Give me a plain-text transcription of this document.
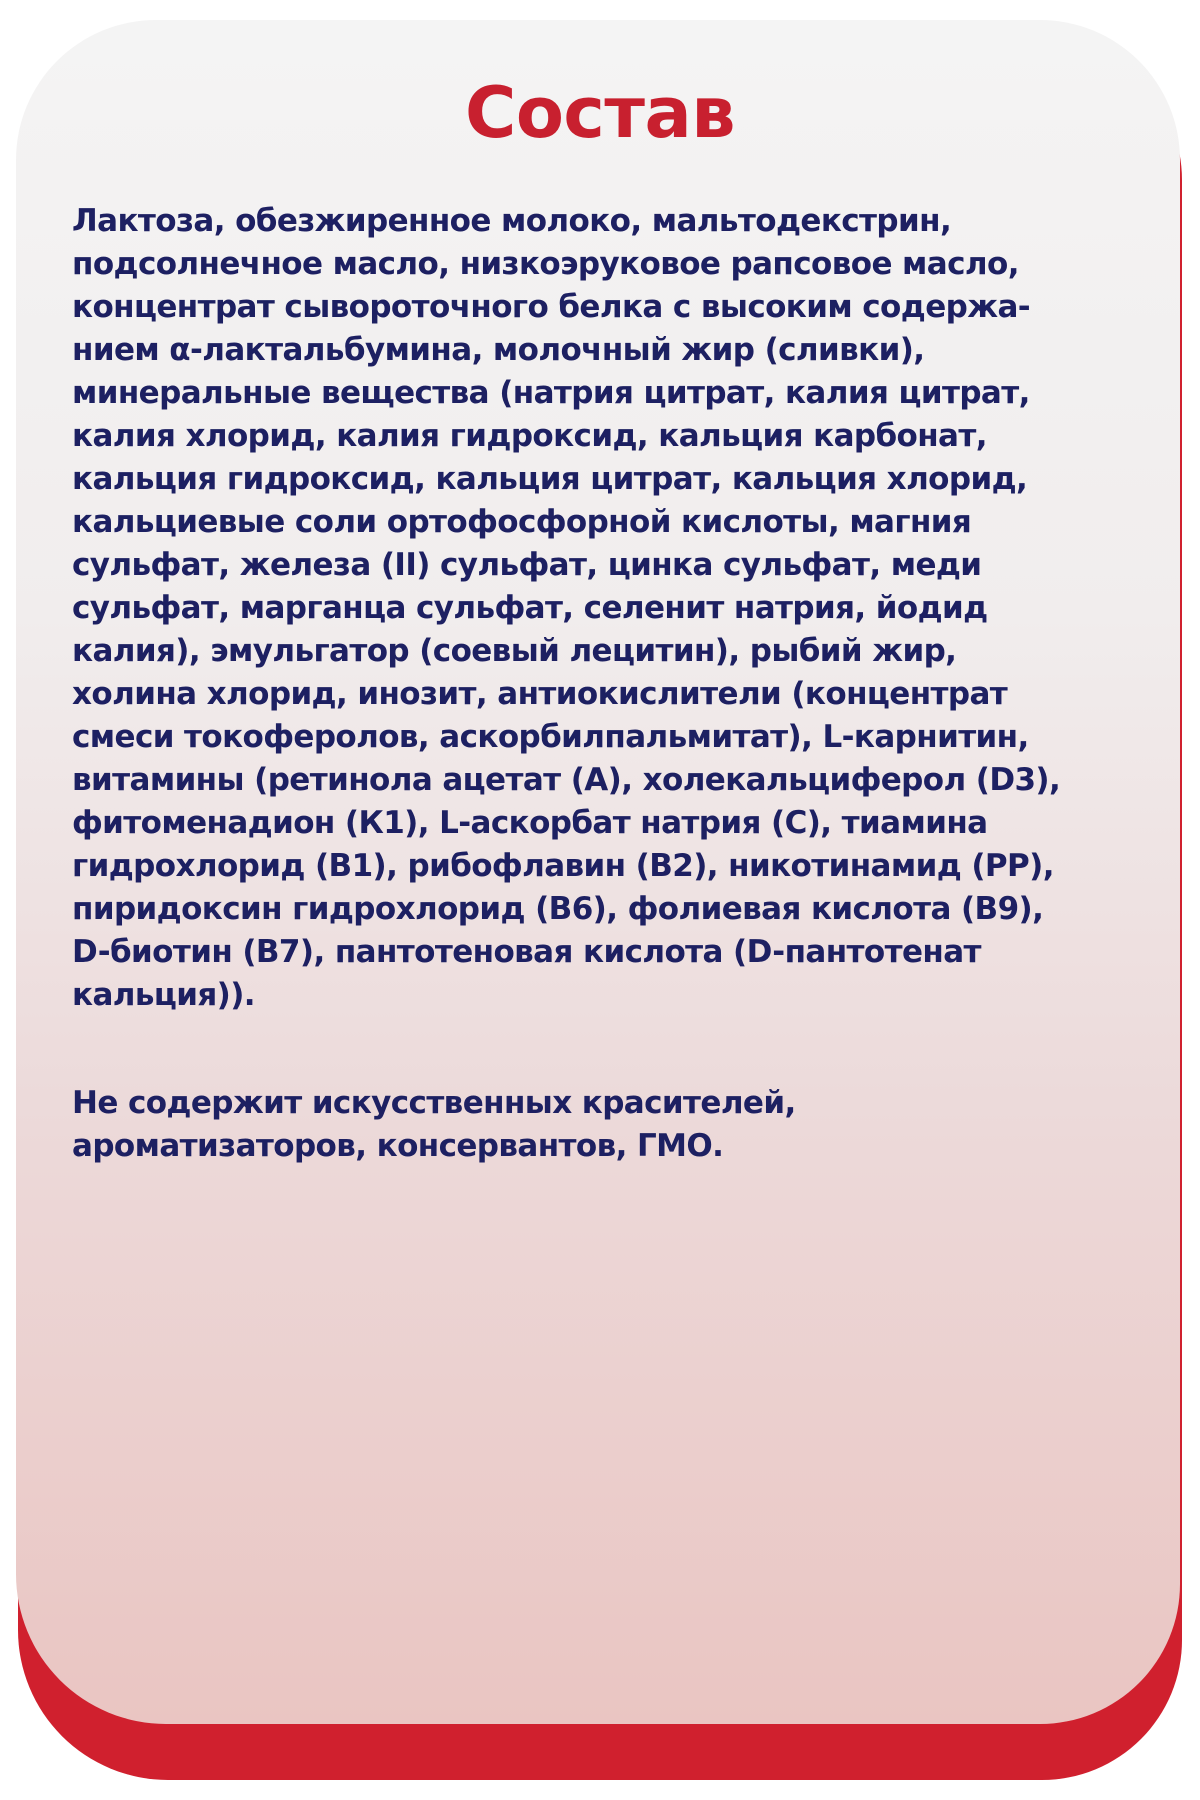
Состав

Лактоза, обезжиренное молоко, мальтодекстрин,
подсолнечное масло, низкоэруковое рапсовое масло,
концентрат сывороточного белка с высоким содержа-
нием α-лактальбумина, молочный жир (сливки),
минеральные вещества (натрия цитрат, калия цитрат,
калия хлорид, калия гидроксид, кальция карбонат,
кальция гидроксид, кальция цитрат, кальция хлорид,
кальциевые соли ортофосфорной кислоты, магния
сульфат, железа (II) сульфат, цинка сульфат, меди
сульфат, марганца сульфат, селенит натрия, йодид
калия), эмульгатор (соевый лецитин), рыбий жир,
холина хлорид, инозит, антиокислители (концентрат
смеси токоферолов, аскорбилпальмитат), L-карнитин,
витамины (ретинола ацетат (А), холекальциферол (D3),
фитоменадион (К1), L-аскорбат натрия (С), тиамина
гидрохлорид (В1), рибофлавин (В2), никотинамид (РР),
пиридоксин гидрохлорид (В6), фолиевая кислота (В9),
D-биотин (В7), пантотеновая кислота (D-пантотенат
кальция)).

Не содержит искусственных красителей,
ароматизаторов, консервантов, ГМО.
